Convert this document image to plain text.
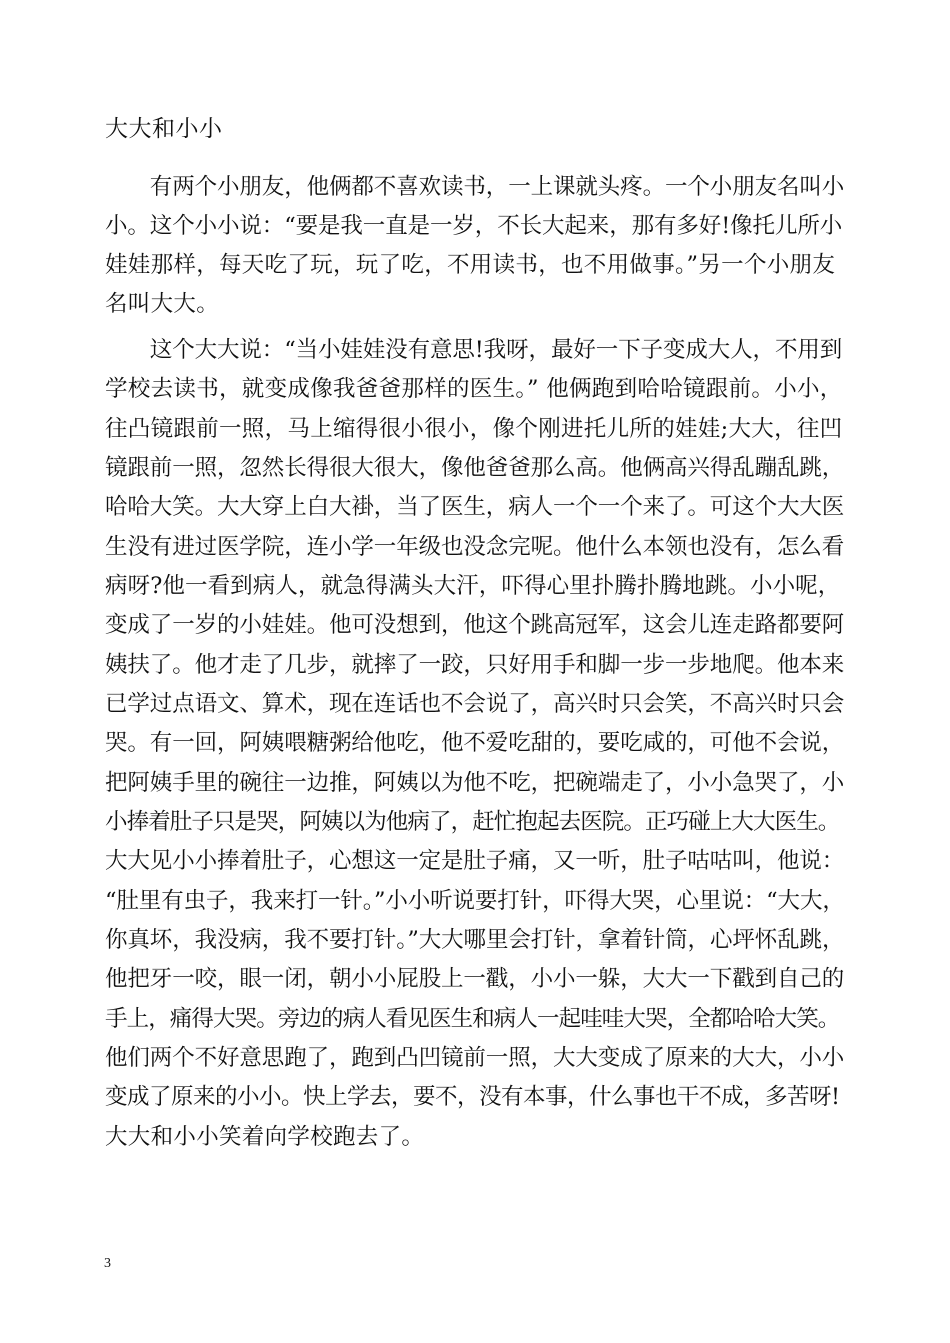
大大和小小
　　有两个小朋友，他俩都不喜欢读书，一上课就头疼。一个小朋友名叫小
小。这个小小说：“要是我一直是一岁，不长大起来，那有多好!像托儿所小
娃娃那样，每天吃了玩，玩了吃，不用读书，也不用做事。”另一个小朋友
名叫大大。
　　这个大大说：“当小娃娃没有意思!我呀，最好一下子变成大人，不用到
学校去读书，就变成像我爸爸那样的医生。” 他俩跑到哈哈镜跟前。小小，
往凸镜跟前一照，马上缩得很小很小，像个刚进托儿所的娃娃;大大，往凹
镜跟前一照，忽然长得很大很大，像他爸爸那么高。他俩高兴得乱蹦乱跳，
哈哈大笑。大大穿上白大褂，当了医生，病人一个一个来了。可这个大大医
生没有进过医学院，连小学一年级也没念完呢。他什么本领也没有，怎么看
病呀?他一看到病人，就急得满头大汗，吓得心里扑腾扑腾地跳。小小呢，
变成了一岁的小娃娃。他可没想到，他这个跳高冠军，这会儿连走路都要阿
姨扶了。他才走了几步，就摔了一跤，只好用手和脚一步一步地爬。他本来
已学过点语文、算术，现在连话也不会说了，高兴时只会笑，不高兴时只会
哭。有一回，阿姨喂糖粥给他吃，他不爱吃甜的，要吃咸的，可他不会说，
把阿姨手里的碗往一边推，阿姨以为他不吃，把碗端走了，小小急哭了，小
小捧着肚子只是哭，阿姨以为他病了，赶忙抱起去医院。正巧碰上大大医生。
大大见小小捧着肚子，心想这一定是肚子痛，又一听，肚子咕咕叫，他说：
“肚里有虫子，我来打一针。”小小听说要打针，吓得大哭，心里说：“大大，
你真坏，我没病，我不要打针。”大大哪里会打针，拿着针筒，心坪怀乱跳，
他把牙一咬，眼一闭，朝小小屁股上一戳，小小一躲，大大一下戳到自己的
手上，痛得大哭。旁边的病人看见医生和病人一起哇哇大哭，全都哈哈大笑。
他们两个不好意思跑了，跑到凸凹镜前一照，大大变成了原来的大大，小小
变成了原来的小小。快上学去，要不，没有本事，什么事也干不成，多苦呀!
大大和小小笑着向学校跑去了。
3
